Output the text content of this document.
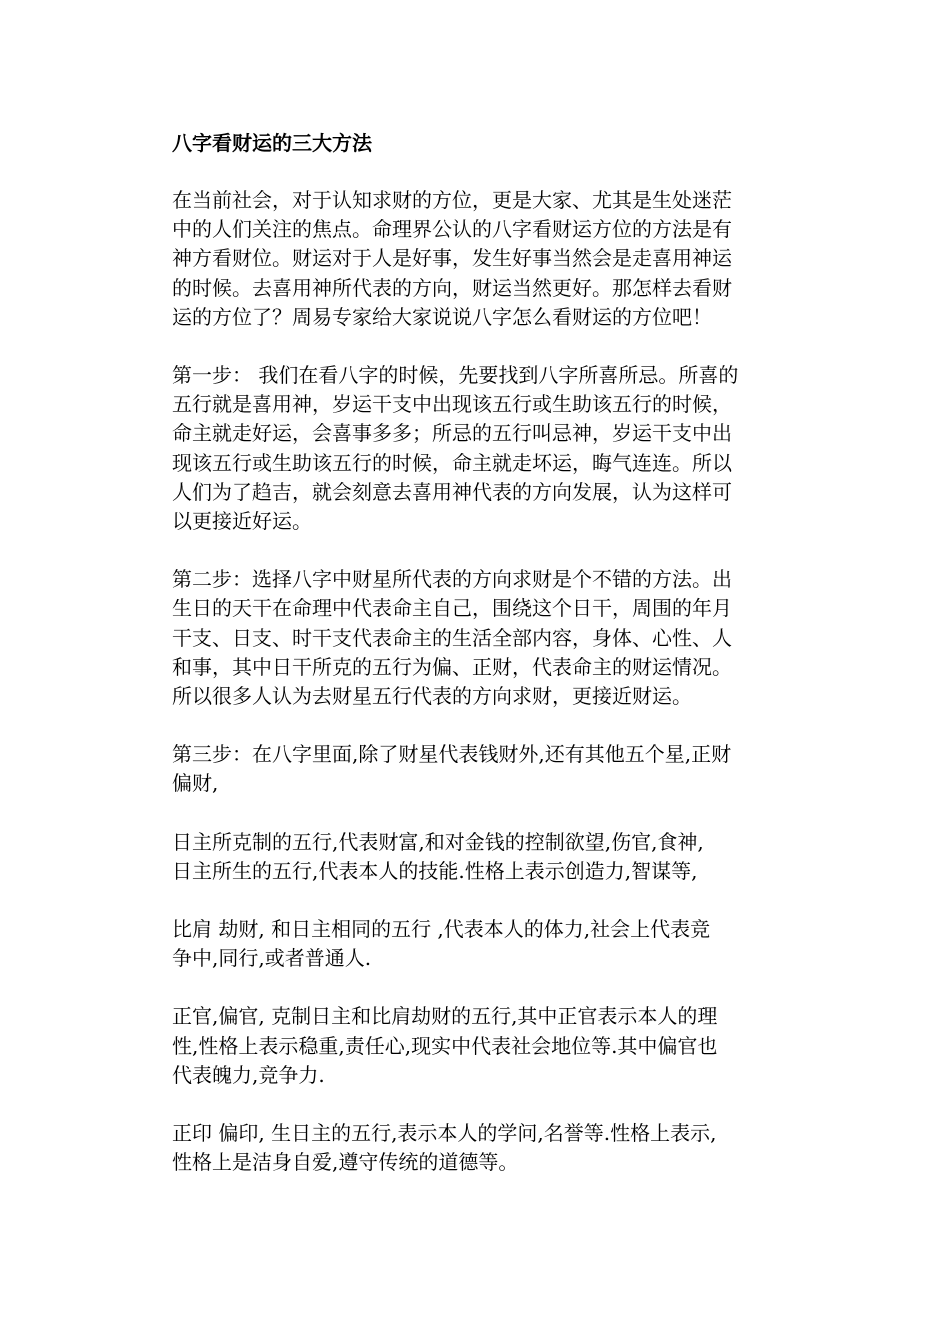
八字看财运的三大方法
在当前社会，对于认知求财的方位，更是大家、尤其是生处迷茫
中的人们关注的焦点。命理界公认的八字看财运方位的方法是有
神方看财位。财运对于人是好事，发生好事当然会是走喜用神运
的时候。去喜用神所代表的方向，财运当然更好。那怎样去看财
运的方位了？周易专家给大家说说八字怎么看财运的方位吧！
第一步： 我们在看八字的时候，先要找到八字所喜所忌。所喜的
五行就是喜用神，岁运干支中出现该五行或生助该五行的时候，
命主就走好运，会喜事多多；所忌的五行叫忌神，岁运干支中出
现该五行或生助该五行的时候，命主就走坏运，晦气连连。所以
人们为了趋吉，就会刻意去喜用神代表的方向发展，认为这样可
以更接近好运。
第二步：选择八字中财星所代表的方向求财是个不错的方法。出
生日的天干在命理中代表命主自己，围绕这个日干，周围的年月
干支、日支、时干支代表命主的生活全部内容，身体、心性、人
和事，其中日干所克的五行为偏、正财，代表命主的财运情况。
所以很多人认为去财星五行代表的方向求财，更接近财运。
第三步：在八字里面,除了财星代表钱财外,还有其他五个星,正财
偏财,
日主所克制的五行,代表财富,和对金钱的控制欲望,伤官,食神,
日主所生的五行,代表本人的技能.性格上表示创造力,智谋等,
比肩 劫财, 和日主相同的五行 ,代表本人的体力,社会上代表竞
争中,同行,或者普通人.
正官,偏官, 克制日主和比肩劫财的五行,其中正官表示本人的理
性,性格上表示稳重,责任心,现实中代表社会地位等.其中偏官也
代表魄力,竞争力.
正印 偏印, 生日主的五行,表示本人的学问,名誉等.性格上表示,
性格上是洁身自爱,遵守传统的道德等。
